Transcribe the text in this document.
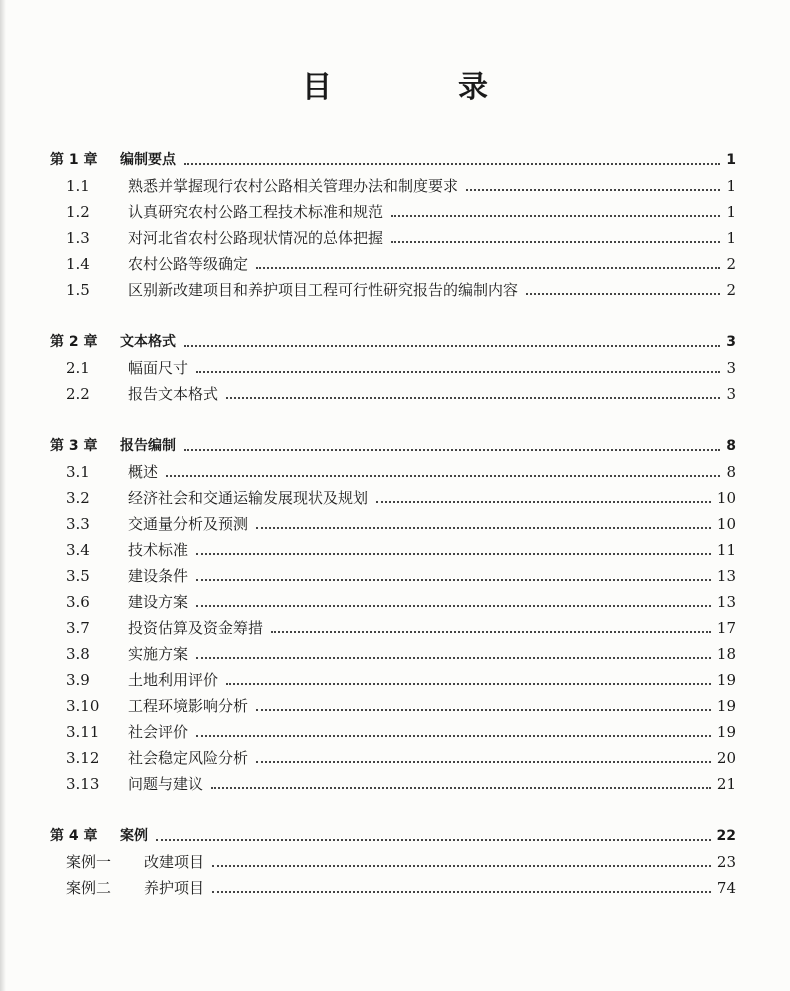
目　录
第 1 章	编制要点	1
1.1	熟悉并掌握现行农村公路相关管理办法和制度要求	1
1.2	认真研究农村公路工程技术标准和规范	1
1.3	对河北省农村公路现状情况的总体把握	1
1.4	农村公路等级确定	2
1.5	区别新改建项目和养护项目工程可行性研究报告的编制内容	2
第 2 章	文本格式	3
2.1	幅面尺寸	3
2.2	报告文本格式	3
第 3 章	报告编制	8
3.1	概述	8
3.2	经济社会和交通运输发展现状及规划	10
3.3	交通量分析及预测	10
3.4	技术标准	11
3.5	建设条件	13
3.6	建设方案	13
3.7	投资估算及资金筹措	17
3.8	实施方案	18
3.9	土地利用评价	19
3.10	工程环境影响分析	19
3.11	社会评价	19
3.12	社会稳定风险分析	20
3.13	问题与建议	21
第 4 章	案例	22
案例一	改建项目	23
案例二	养护项目	74
